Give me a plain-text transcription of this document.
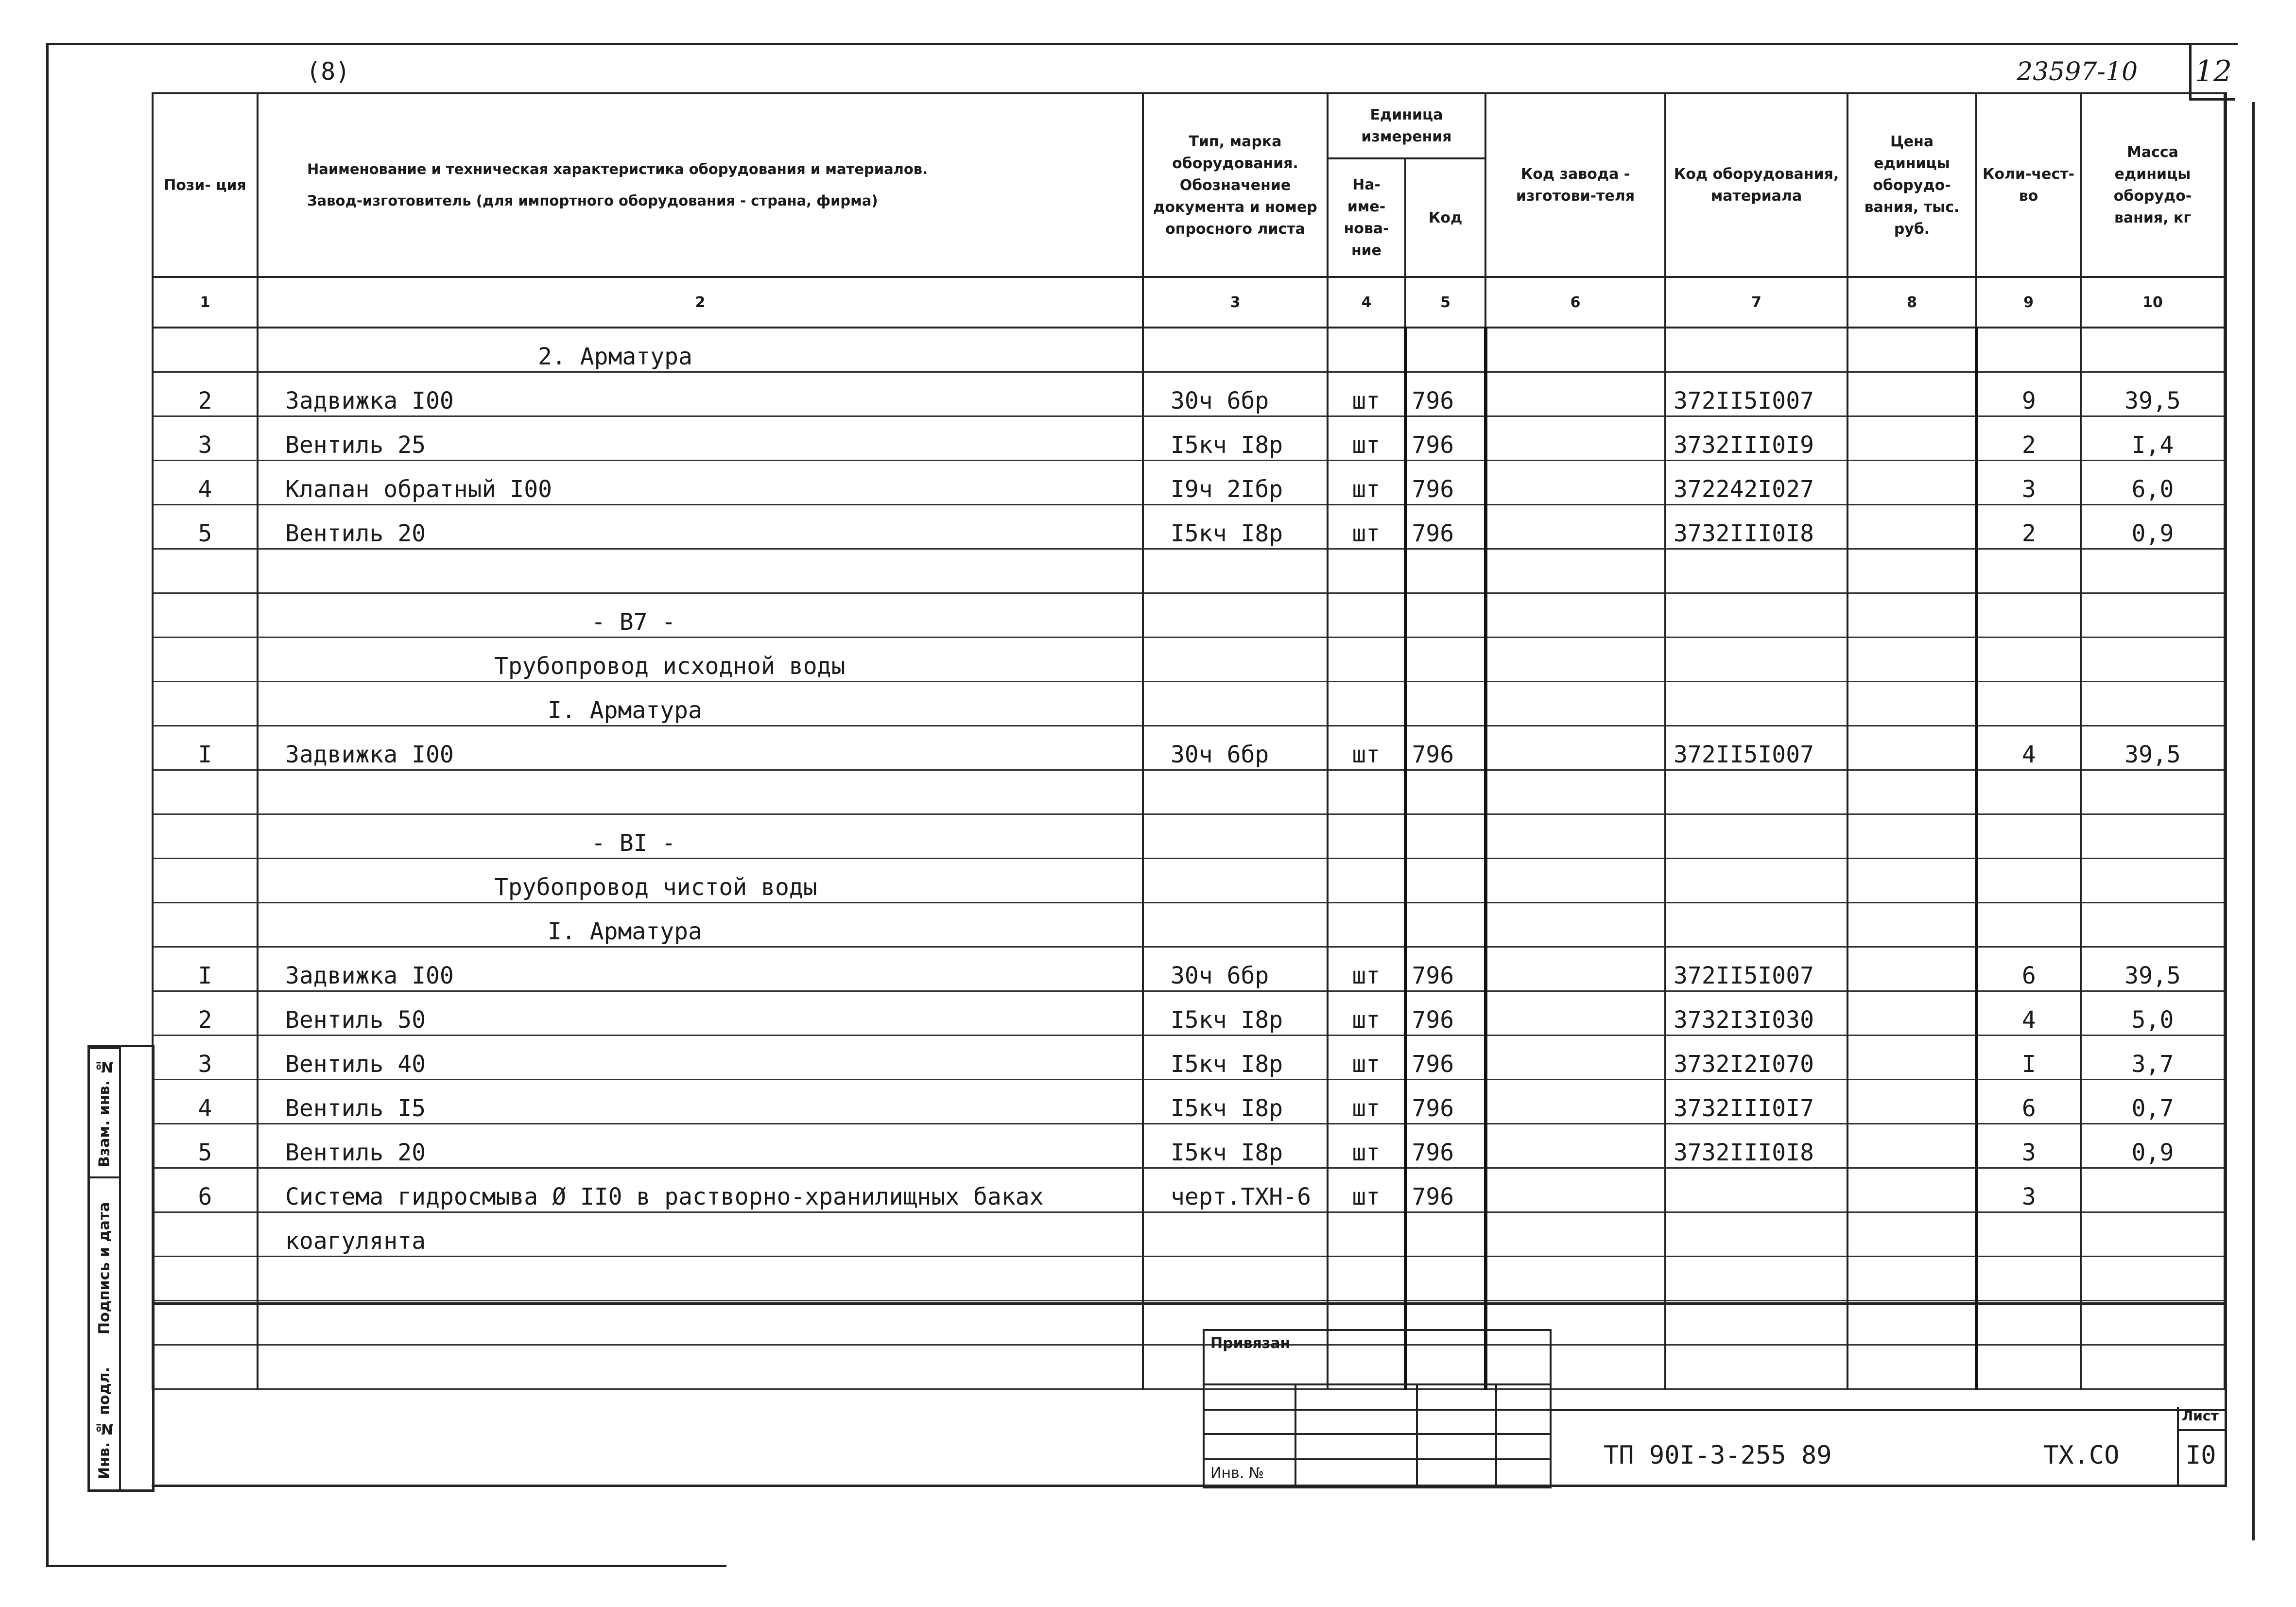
(8)	23597-10 12
Пози- ция	Наименование и техническая характеристика оборудования и материалов.
Завод-изготовитель (для импортного оборудования - страна, фирма)	Тип, марка оборудования. Обозначение документа и номер опросного листа	Единица измерения		Код завода - изготови-теля	Код оборудования, материала	Цена единицы оборудо-вания, тыс. руб.	Коли-чест-во	Масса единицы оборудо-вания, кг
			На-име-нова-ние	Код					
1	2	3	4	5	6	7	8	9	10
	2. Арматура								
2	Задвижка I00	30ч 6бр	шт	796		372II5I007		9	39,5
3	Вентиль 25	I5кч I8р	шт	796		3732III0I9		2	I,4
4	Клапан обратный I00	I9ч 2Iбр	шт	796		372242I027		3	6,0
5	Вентиль 20	I5кч I8р	шт	796		3732III0I8		2	0,9

	- В7 -								
	Трубопровод исходной воды								
	I. Арматура								
I	Задвижка I00	30ч 6бр	шт	796		372II5I007		4	39,5

	- BI -								
	Трубопровод чистой воды								
	I. Арматура								
I	Задвижка I00	30ч 6бр	шт	796		372II5I007		6	39,5
2	Вентиль 50	I5кч I8р	шт	796		3732I3I030		4	5,0
3	Вентиль 40	I5кч I8р	шт	796		3732I2I070		I	3,7
4	Вентиль I5	I5кч I8р	шт	796		3732III0I7		6	0,7
5	Вентиль 20	I5кч I8р	шт	796		3732III0I8		3	0,9
6	Система гидросмыва Ø II0 в растворно-хранилищных баках	черт.ТХН-6	шт	796				3	
	коагулянта								

Взам. инв. №
Подпись и дата
Инв. № подл.
Привязан
Инв. №
ТП 90I-3-255 89	ТХ.СО
Лист
I0
